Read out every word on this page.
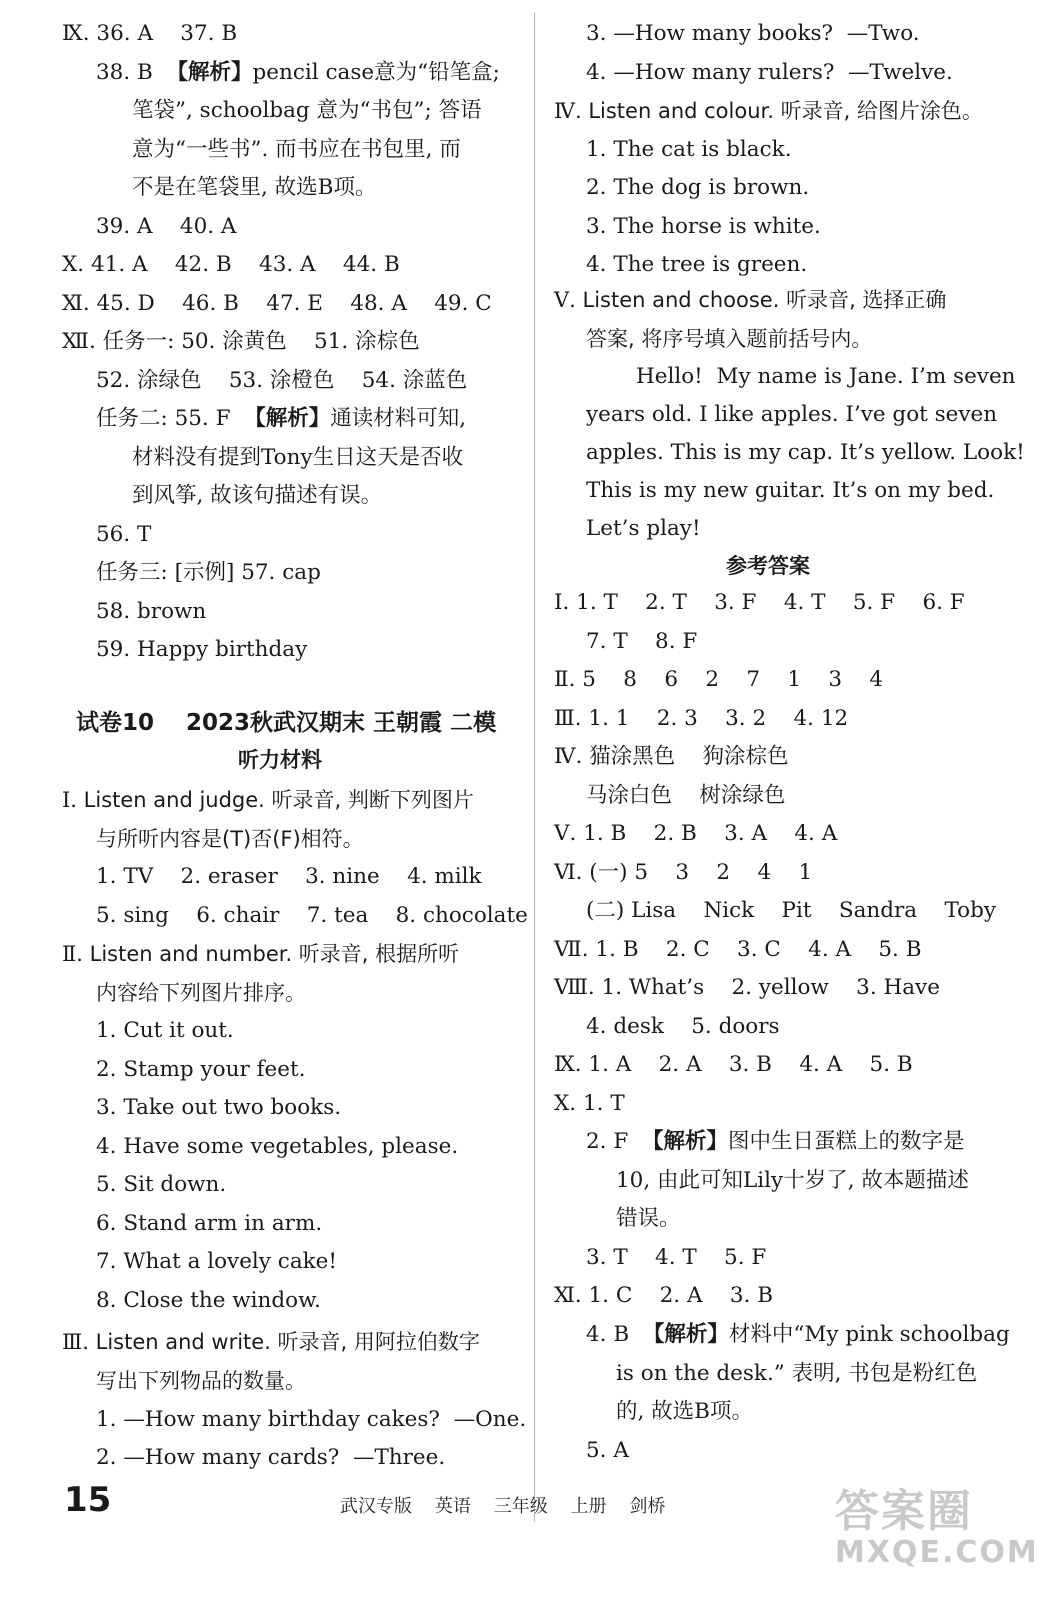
Ⅸ. 36. A    37. B
38. B  【解析】pencil case意为“铅笔盒;
笔袋”, schoolbag 意为“书包”; 答语
意为“一些书”. 而书应在书包里, 而
不是在笔袋里, 故选B项。
39. A    40. A
Ⅹ. 41. A    42. B    43. A    44. B
Ⅺ. 45. D    46. B    47. E    48. A    49. C
Ⅻ. 任务一: 50. 涂黄色    51. 涂棕色
52. 涂绿色    53. 涂橙色    54. 涂蓝色
任务二: 55. F  【解析】通读材料可知,
材料没有提到Tony生日这天是否收
到风筝, 故该句描述有误。
56. T
任务三: [示例] 57. cap
58. brown
59. Happy birthday
试卷10    2023秋武汉期末 王朝霞 二模
听力材料
Ⅰ. Listen and judge. 听录音, 判断下列图片
与所听内容是(T)否(F)相符。
1. TV    2. eraser    3. nine    4. milk
5. sing    6. chair    7. tea    8. chocolate
Ⅱ. Listen and number. 听录音, 根据所听
内容给下列图片排序。
1. Cut it out.
2. Stamp your feet.
3. Take out two books.
4. Have some vegetables, please.
5. Sit down.
6. Stand arm in arm.
7. What a lovely cake!
8. Close the window.
Ⅲ. Listen and write. 听录音, 用阿拉伯数字
写出下列物品的数量。
1. —How many birthday cakes?  —One.
2. —How many cards?  —Three.
3. —How many books?  —Two.
4. —How many rulers?  —Twelve.
Ⅳ. Listen and colour. 听录音, 给图片涂色。
1. The cat is black.
2. The dog is brown.
3. The horse is white.
4. The tree is green.
Ⅴ. Listen and choose. 听录音, 选择正确
答案, 将序号填入题前括号内。
Hello!  My name is Jane. I’m seven
years old. I like apples. I’ve got seven
apples. This is my cap. It’s yellow. Look!
This is my new guitar. It’s on my bed.
Let’s play!
参考答案
Ⅰ. 1. T    2. T    3. F    4. T    5. F    6. F
7. T    8. F
Ⅱ. 5    8    6    2    7    1    3    4
Ⅲ. 1. 1    2. 3    3. 2    4. 12
Ⅳ. 猫涂黑色    狗涂棕色
马涂白色    树涂绿色
Ⅴ. 1. B    2. B    3. A    4. A
Ⅵ. (一) 5    3    2    4    1
(二) Lisa    Nick    Pit    Sandra    Toby
Ⅶ. 1. B    2. C    3. C    4. A    5. B
Ⅷ. 1. What’s    2. yellow    3. Have
4. desk    5. doors
Ⅸ. 1. A    2. A    3. B    4. A    5. B
Ⅹ. 1. T
2. F  【解析】图中生日蛋糕上的数字是
10, 由此可知Lily十岁了, 故本题描述
错误。
3. T    4. T    5. F
Ⅺ. 1. C    2. A    3. B
4. B  【解析】材料中“My pink schoolbag
is on the desk.” 表明, 书包是粉红色
的, 故选B项。
5. A
15	武汉专版    英语    三年级    上册    剑桥	答案圈
MXQE.COM
